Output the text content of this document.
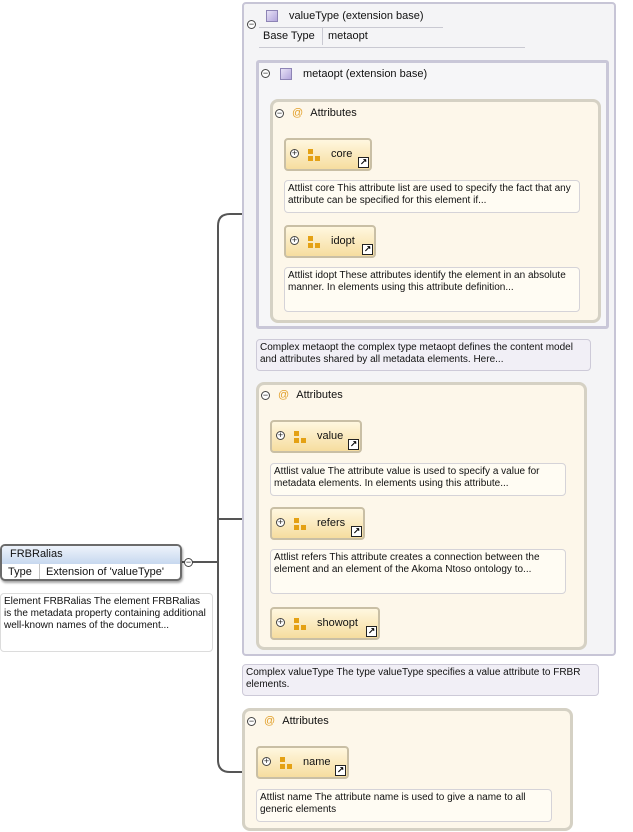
−
valueType (extension base)
Base Type metaopt
−	metaopt (extension base)
− @ Attributes
+	core
↗
Attlist core This attribute list are used to specify the fact that any attribute can be specified for this element if...
+	idopt
↗
Attlist idopt These attributes identify the element in an absolute manner. In elements using this attribute definition...
Complex metaopt the complex type metaopt defines the content model and attributes shared by all metadata elements. Here...
− @ Attributes
+	value
↗
Attlist value The attribute value is used to specify a value for metadata elements. In elements using this attribute...
+	refers
↗
Attlist refers This attribute creates a connection between the element and an element of the Akoma Ntoso ontology to...
+	showopt
↗
Complex valueType The type valueType specifies a value attribute to FRBR elements.
− @ Attributes
+	name
↗
Attlist name The attribute name is used to give a name to all generic elements
FRBRalias
Type Extension of 'valueType'
−
Element FRBRalias The element FRBRalias is the metadata property containing additional well-known names of the document...
